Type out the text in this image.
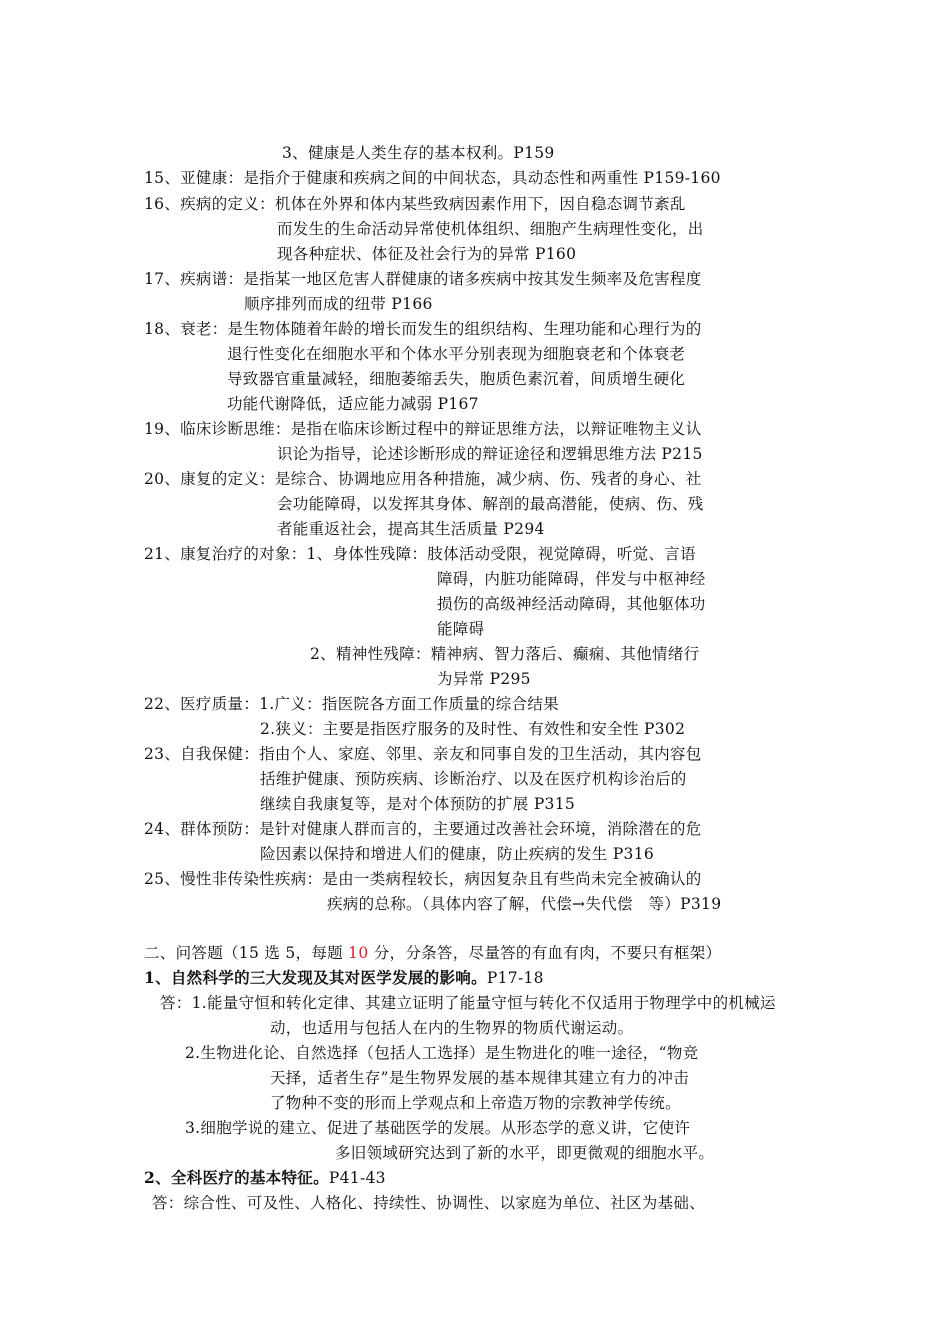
3、健康是人类生存的基本权利。P159
15、亚健康：是指介于健康和疾病之间的中间状态，具动态性和两重性 P159-160
16、疾病的定义：机体在外界和体内某些致病因素作用下，因自稳态调节紊乱
而发生的生命活动异常使机体组织、细胞产生病理性变化，出
现各种症状、体征及社会行为的异常 P160
17、疾病谱：是指某一地区危害人群健康的诸多疾病中按其发生频率及危害程度
顺序排列而成的纽带 P166
18、衰老：是生物体随着年龄的增长而发生的组织结构、生理功能和心理行为的
退行性变化在细胞水平和个体水平分别表现为细胞衰老和个体衰老
导致器官重量减轻，细胞萎缩丢失，胞质色素沉着，间质增生硬化
功能代谢降低，适应能力减弱 P167
19、临床诊断思维：是指在临床诊断过程中的辩证思维方法，以辩证唯物主义认
识论为指导，论述诊断形成的辩证途径和逻辑思维方法 P215
20、康复的定义：是综合、协调地应用各种措施，减少病、伤、残者的身心、社
会功能障碍，以发挥其身体、解剖的最高潜能，使病、伤、残
者能重返社会，提高其生活质量 P294
21、康复治疗的对象：1、身体性残障：肢体活动受限，视觉障碍，听觉、言语
障碍，内脏功能障碍，伴发与中枢神经
损伤的高级神经活动障碍，其他躯体功
能障碍
2、精神性残障：精神病、智力落后、癫痫、其他情绪行
为异常 P295
22、医疗质量：1.广义：指医院各方面工作质量的综合结果
2.狭义：主要是指医疗服务的及时性、有效性和安全性 P302
23、自我保健：指由个人、家庭、邻里、亲友和同事自发的卫生活动，其内容包
括维护健康、预防疾病、诊断治疗、以及在医疗机构诊治后的
继续自我康复等，是对个体预防的扩展 P315
24、群体预防：是针对健康人群而言的，主要通过改善社会环境，消除潜在的危
险因素以保持和增进人们的健康，防止疾病的发生 P316
25、慢性非传染性疾病：是由一类病程较长，病因复杂且有些尚未完全被确认的
疾病的总称。（具体内容了解，代偿→失代偿　等）P319
二、问答题（15 选 5，每题 10 分，分条答，尽量答的有血有肉，不要只有框架）
1、自然科学的三大发现及其对医学发展的影响。P17-18
答：1.能量守恒和转化定律、其建立证明了能量守恒与转化不仅适用于物理学中的机械运
动，也适用与包括人在内的生物界的物质代谢运动。
2.生物进化论、自然选择（包括人工选择）是生物进化的唯一途径，“物竞
天择，适者生存”是生物界发展的基本规律其建立有力的冲击
了物种不变的形而上学观点和上帝造万物的宗教神学传统。
3.细胞学说的建立、促进了基础医学的发展。从形态学的意义讲，它使许
多旧领域研究达到了新的水平，即更微观的细胞水平。
2、全科医疗的基本特征。P41-43
答：综合性、可及性、人格化、持续性、协调性、以家庭为单位、社区为基础、
